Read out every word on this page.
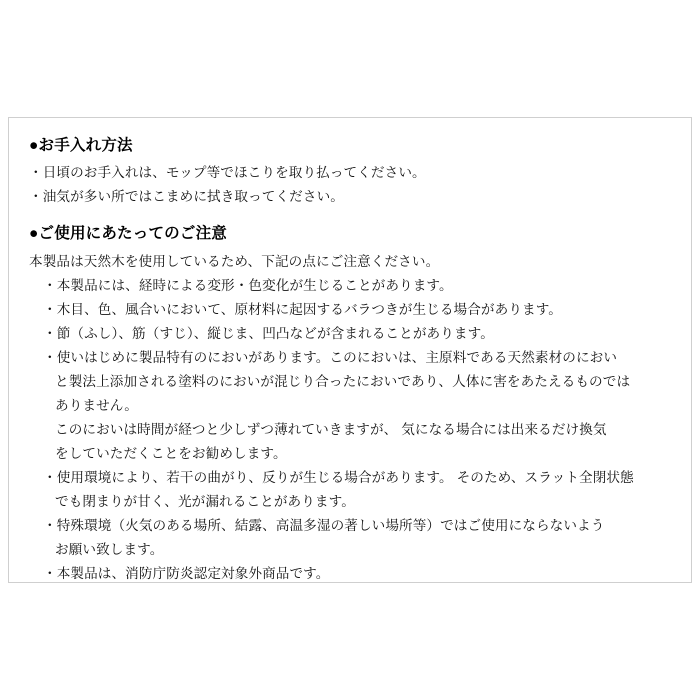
●お手入れ方法
・日頃のお手入れは、モップ等でほこりを取り払ってください。
・油気が多い所ではこまめに拭き取ってください。
●ご使用にあたってのご注意
本製品は天然木を使用しているため、下記の点にご注意ください。
・本製品には、経時による変形・色変化が生じることがあります。
・木目、色、風合いにおいて、原材料に起因するバラつきが生じる場合があります。
・節（ふし）、筋（すじ）、縦じま、凹凸などが含まれることがあります。
・使いはじめに製品特有のにおいがあります。このにおいは、主原料である天然素材のにおい
と製法上添加される塗料のにおいが混じり合ったにおいであり、人体に害をあたえるものでは
ありません。
このにおいは時間が経つと少しずつ薄れていきますが、 気になる場合には出来るだけ換気
をしていただくことをお勧めします。
・使用環境により、若干の曲がり、反りが生じる場合があります。 そのため、スラット全閉状態
でも閉まりが甘く、光が漏れることがあります。
・特殊環境（火気のある場所、結露、高温多湿の著しい場所等）ではご使用にならないよう
お願い致します。
・本製品は、消防庁防炎認定対象外商品です。
